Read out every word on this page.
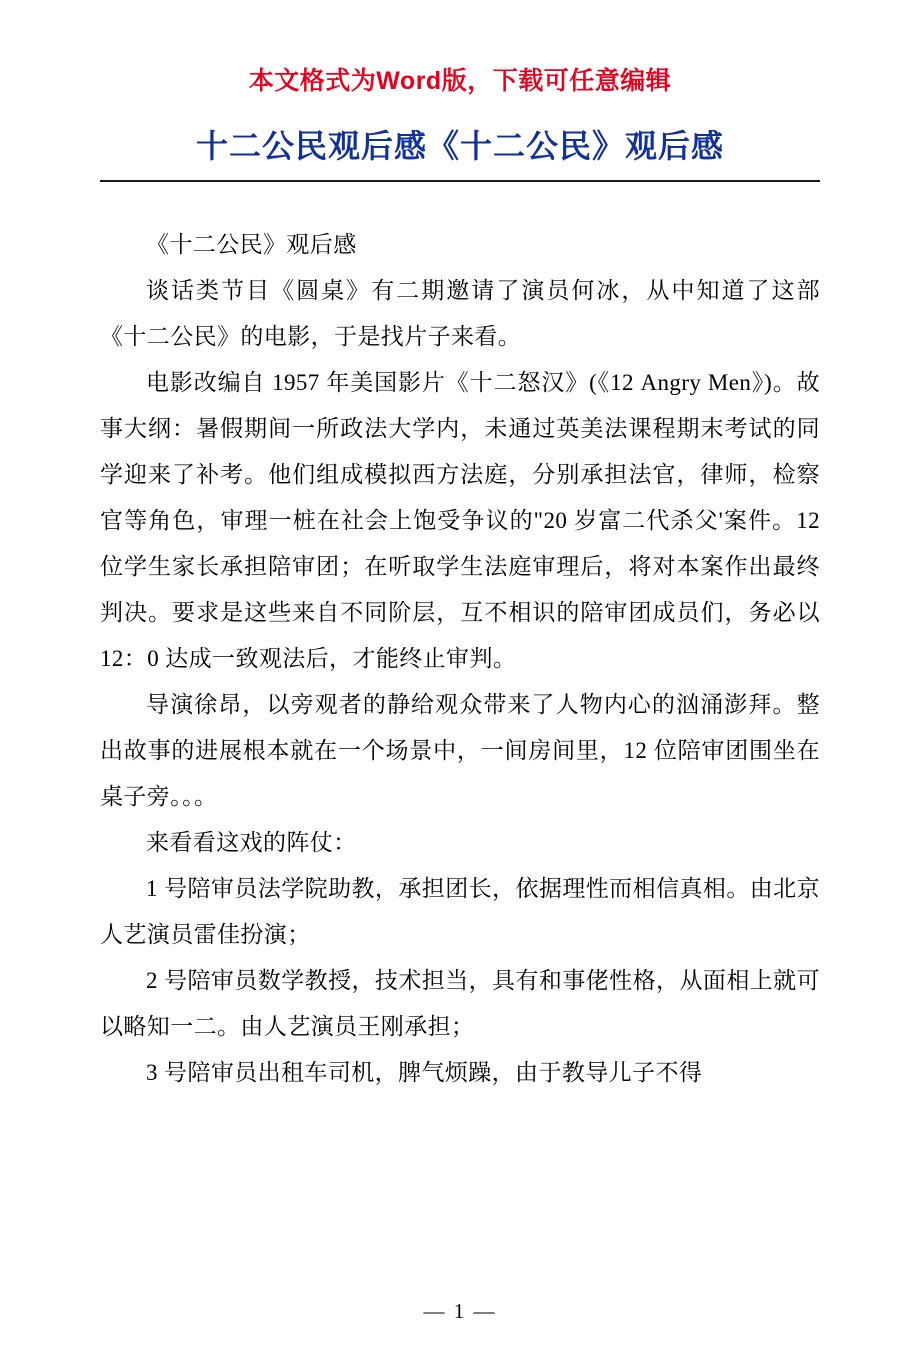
本文格式为Word版，下载可任意编辑
十二公民观后感《十二公民》观后感

《十二公民》观后感

谈话类节目《圆桌》有二期邀请了演员何冰，从中知道了这部《十二公民》的电影，于是找片子来看。

电影改编自 1957 年美国影片《十二怒汉》(《12 Angry Men》)。故事大纲：暑假期间一所政法大学内，未通过英美法课程期末考试的同学迎来了补考。他们组成模拟西方法庭，分别承担法官，律师，检察官等角色，审理一桩在社会上饱受争议的"20 岁富二代杀父'案件。12 位学生家长承担陪审团；在听取学生法庭审理后，将对本案作出最终判决。要求是这些来自不同阶层，互不相识的陪审团成员们，务必以 12：0 达成一致观法后，才能终止审判。

导演徐昂，以旁观者的静给观众带来了人物内心的汹涌澎拜。整出故事的进展根本就在一个场景中，一间房间里，12 位陪审团围坐在桌子旁。。。

来看看这戏的阵仗：

1 号陪审员法学院助教，承担团长，依据理性而相信真相。由北京人艺演员雷佳扮演；

2 号陪审员数学教授，技术担当，具有和事佬性格，从面相上就可以略知一二。由人艺演员王刚承担；

3 号陪审员出租车司机，脾气烦躁，由于教导儿子不得

— 1 —
